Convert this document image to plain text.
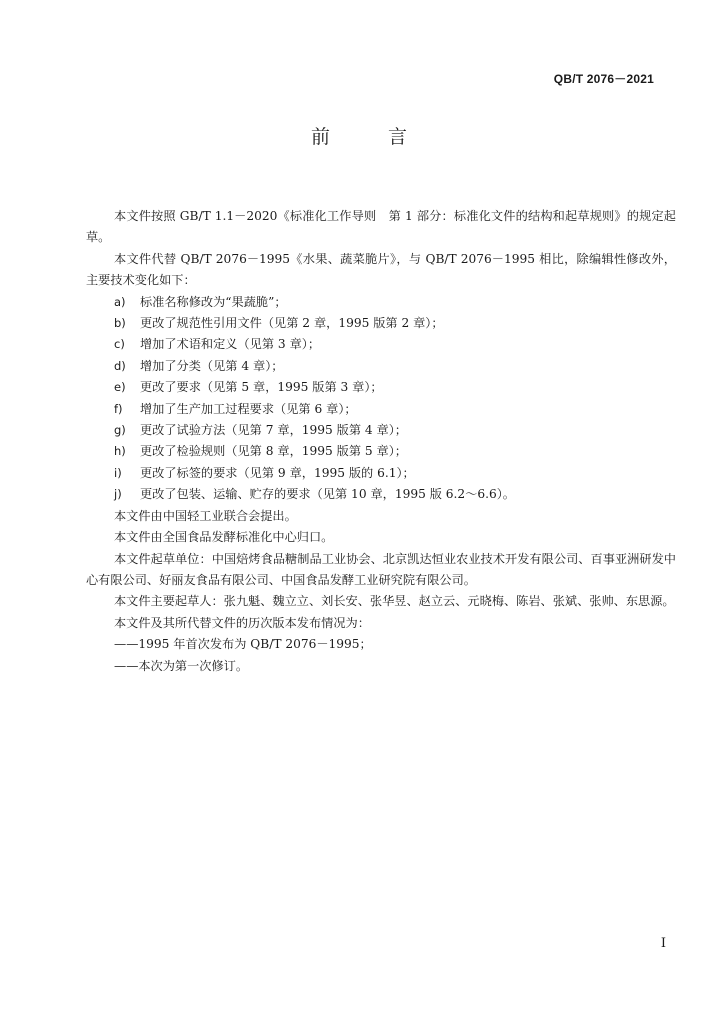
QB/T 2076－2021
前 言

本文件按照 GB/T 1.1－2020《标准化工作导则　第 1 部分：标准化文件的结构和起草规则》的规定起草。

本文件代替 QB/T 2076－1995《水果、蔬菜脆片》，与 QB/T 2076－1995 相比，除编辑性修改外，主要技术变化如下：

a) 标准名称修改为“果蔬脆”；

b) 更改了规范性引用文件（见第 2 章，1995 版第 2 章）；

c) 增加了术语和定义（见第 3 章）；

d) 增加了分类（见第 4 章）；

e) 更改了要求（见第 5 章，1995 版第 3 章）；

f) 增加了生产加工过程要求（见第 6 章）；

g) 更改了试验方法（见第 7 章，1995 版第 4 章）；

h) 更改了检验规则（见第 8 章，1995 版第 5 章）；

i) 更改了标签的要求（见第 9 章，1995 版的 6.1）；

j) 更改了包装、运输、贮存的要求（见第 10 章，1995 版 6.2～6.6）。

本文件由中国轻工业联合会提出。

本文件由全国食品发酵标准化中心归口。

本文件起草单位：中国焙烤食品糖制品工业协会、北京凯达恒业农业技术开发有限公司、百事亚洲研发中心有限公司、好丽友食品有限公司、中国食品发酵工业研究院有限公司。

本文件主要起草人：张九魁、魏立立、刘长安、张华昱、赵立云、元晓梅、陈岩、张斌、张帅、东思源。

本文件及其所代替文件的历次版本发布情况为：

——1995 年首次发布为 QB/T 2076－1995；

——本次为第一次修订。

I
